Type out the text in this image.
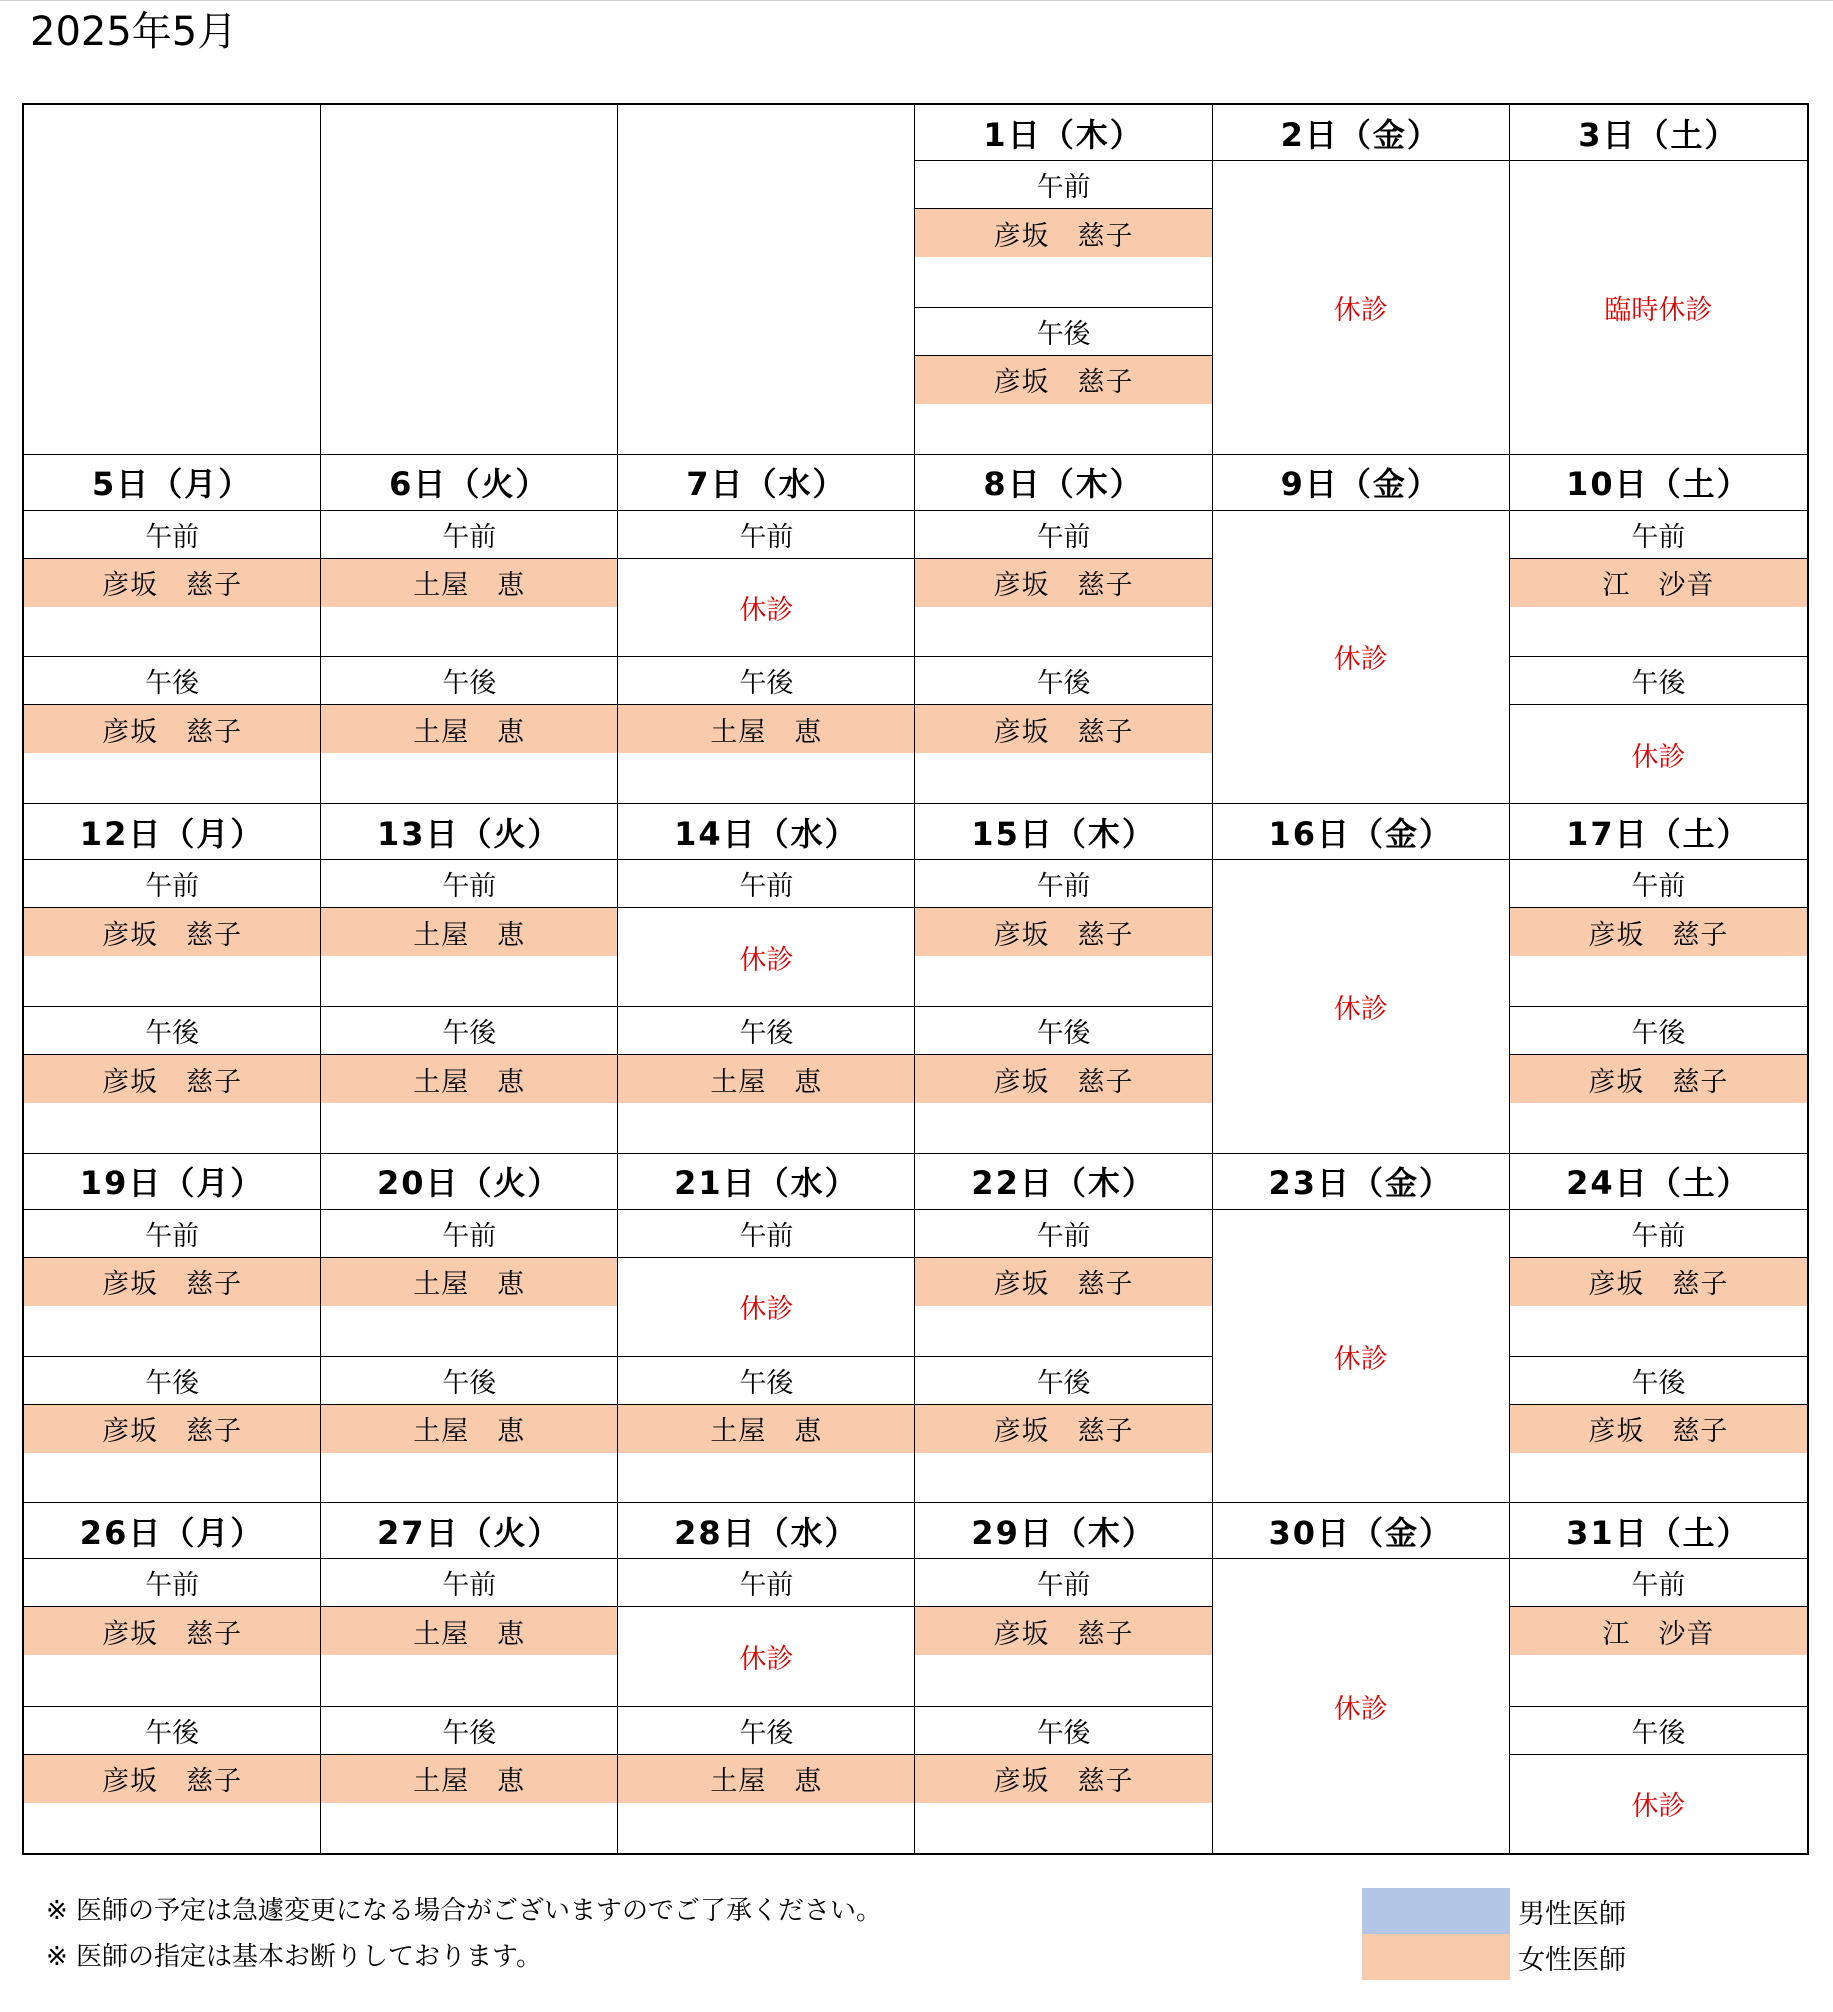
2025年5月
1日（木）
午前
彦坂　慈子
午後
彦坂　慈子
2日（金）
休診
3日（土）
臨時休診
5日（月）
午前
彦坂　慈子
午後
彦坂　慈子
6日（火）
午前
土屋　恵
午後
土屋　恵
7日（水）
午前
休診
午後
土屋　恵
8日（木）
午前
彦坂　慈子
午後
彦坂　慈子
9日（金）
休診
10日（土）
午前
江　沙音
午後
休診
12日（月）
午前
彦坂　慈子
午後
彦坂　慈子
13日（火）
午前
土屋　恵
午後
土屋　恵
14日（水）
午前
休診
午後
土屋　恵
15日（木）
午前
彦坂　慈子
午後
彦坂　慈子
16日（金）
休診
17日（土）
午前
彦坂　慈子
午後
彦坂　慈子
19日（月）
午前
彦坂　慈子
午後
彦坂　慈子
20日（火）
午前
土屋　恵
午後
土屋　恵
21日（水）
午前
休診
午後
土屋　恵
22日（木）
午前
彦坂　慈子
午後
彦坂　慈子
23日（金）
休診
24日（土）
午前
彦坂　慈子
午後
彦坂　慈子
26日（月）
午前
彦坂　慈子
午後
彦坂　慈子
27日（火）
午前
土屋　恵
午後
土屋　恵
28日（水）
午前
休診
午後
土屋　恵
29日（木）
午前
彦坂　慈子
午後
彦坂　慈子
30日（金）
休診
31日（土）
午前
江　沙音
午後
休診
※ 医師の予定は急遽変更になる場合がございますのでご了承ください。
※ 医師の指定は基本お断りしております。
男性医師
女性医師
